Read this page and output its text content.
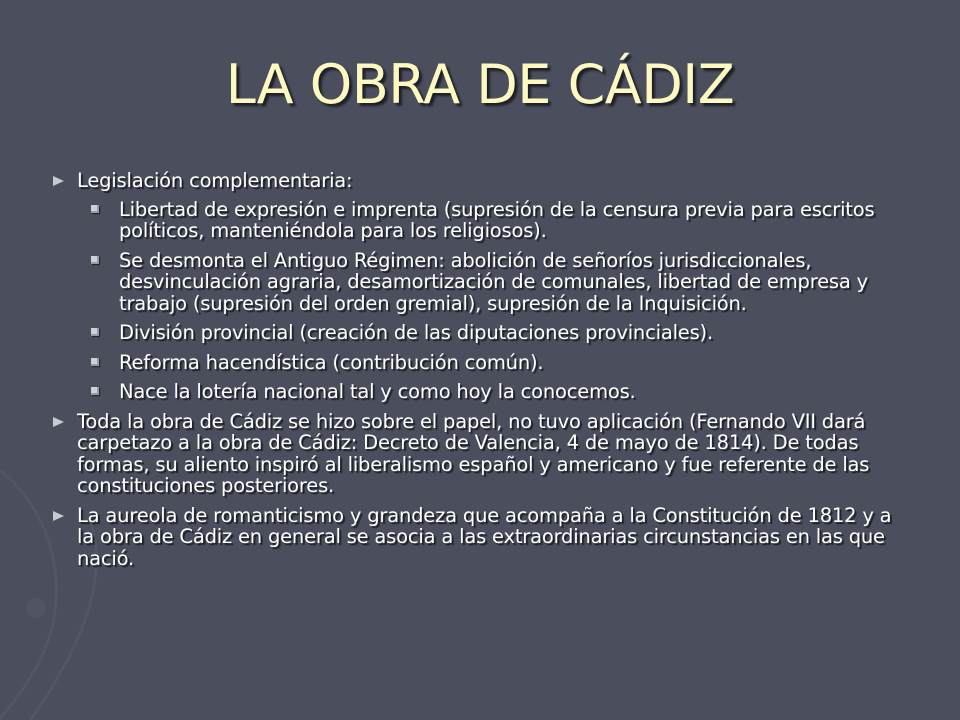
LA OBRA DE CÁDIZ
Legislación complementaria:
Libertad de expresión e imprenta (supresión de la censura previa para escritos políticos, manteniéndola para los religiosos).
Se desmonta el Antiguo Régimen: abolición de señoríos jurisdiccionales, desvinculación agraria, desamortización de comunales, libertad de empresa y trabajo (supresión del orden gremial), supresión de la Inquisición.
División provincial (creación de las diputaciones provinciales).
Reforma hacendística (contribución común).
Nace la lotería nacional tal y como hoy la conocemos.
Toda la obra de Cádiz se hizo sobre el papel, no tuvo aplicación (Fernando VII dará carpetazo a la obra de Cádiz: Decreto de Valencia, 4 de mayo de 1814). De todas formas, su aliento inspiró al liberalismo español y americano y fue referente de las constituciones posteriores.
La aureola de romanticismo y grandeza que acompaña a la Constitución de 1812 y a la obra de Cádiz en general se asocia a las extraordinarias circunstancias en las que nació.
